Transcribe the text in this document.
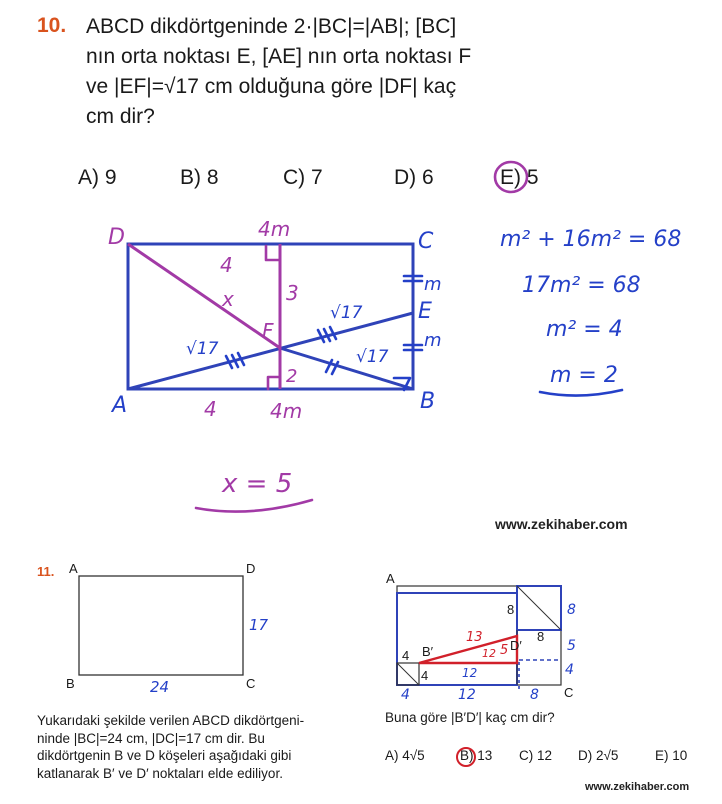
10. ABCD dikdörtgeninde 2·|BC|=|AB|; [BC]
nın orta noktası E, [AE] nın orta noktası F
ve |EF|=√17 cm olduğuna göre |DF| kaç
cm dir?
A) 9	B) 8	C) 7	D) 6	E) 5
D	C
E
F
A	B
4m
4m
4
4
3
2
x
√17
√17
√17
m
m
m² + 16m² = 68
17m² = 68
m² = 4
m = 2
x = 5
www.zekihaber.com
11. A	D
B	C
17
24
A
C
B′	D′
8
8
4
4
8
5
4
13
12 5
12
4	12	8
Yukarıdaki şekilde verilen ABCD dikdörtgeni-
ninde |BC|=24 cm, |DC|=17 cm dir. Bu
dikdörtgenin B ve D köşeleri aşağıdaki gibi
katlanarak B′ ve D′ noktaları elde ediliyor.
Buna göre |B′D′| kaç cm dir?
A) 4√5	B) 13 C) 12 D) 2√5	E) 10
www.zekihaber.com
